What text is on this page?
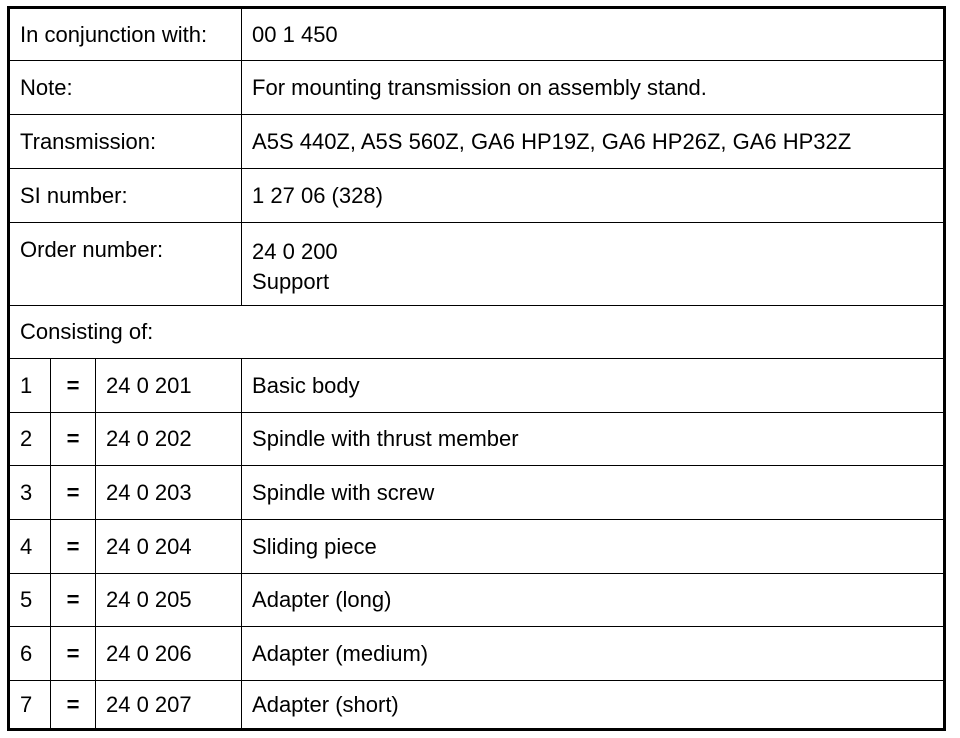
In conjunction with:			00 1 450
Note:			For mounting transmission on assembly stand.
Transmission:			A5S 440Z, A5S 560Z, GA6 HP19Z, GA6 HP26Z, GA6 HP32Z
SI number:			1 27 06 (328)
Order number:			24 0 200
Support

Consisting of:			
1	=	24 0 201	Basic body
2	=	24 0 202	Spindle with thrust member
3	=	24 0 203	Spindle with screw
4	=	24 0 204	Sliding piece
5	=	24 0 205	Adapter (long)
6	=	24 0 206	Adapter (medium)
7	=	24 0 207	Adapter (short)
